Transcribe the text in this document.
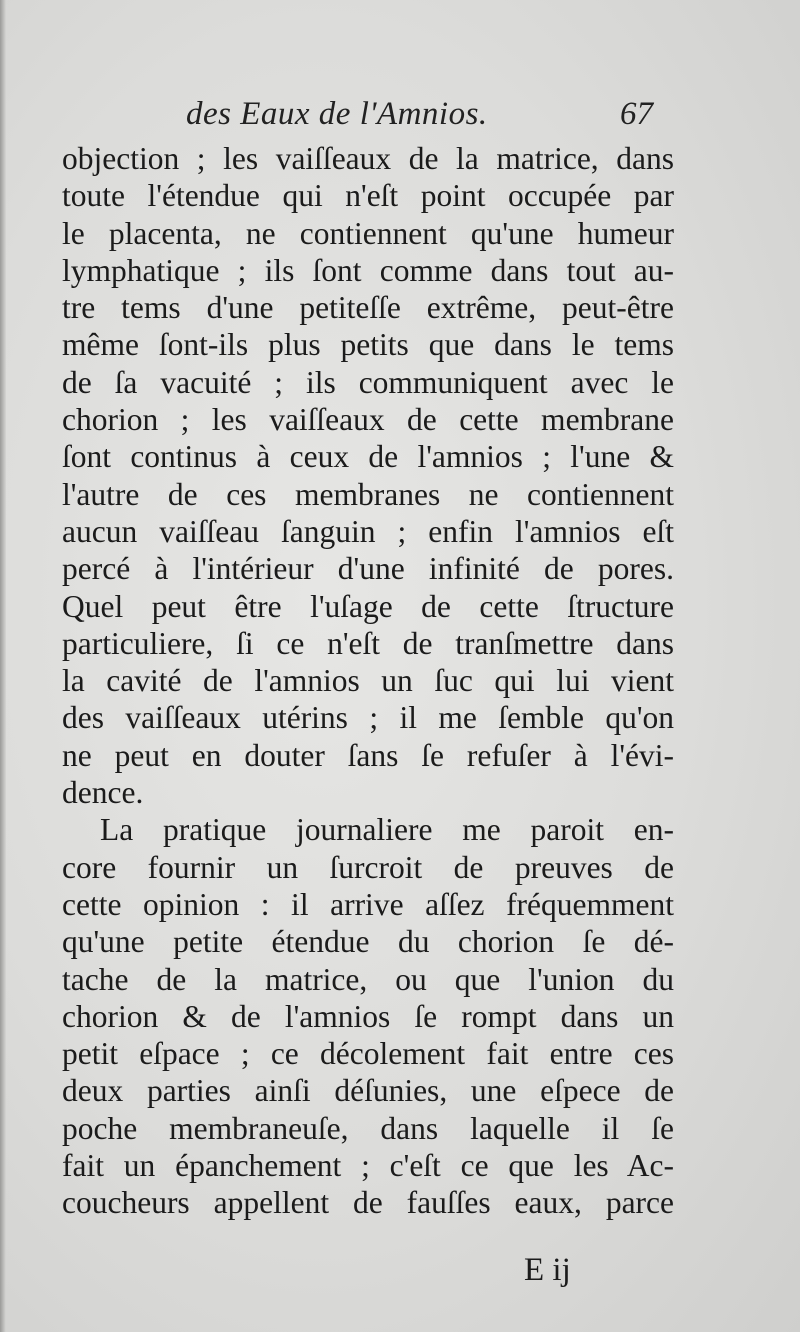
des Eaux de l'Amnios.	67
objection ; les vaiſſeaux de la matrice, dans
toute l'étendue qui n'eſt point occupée par
le placenta, ne contiennent qu'une humeur
lymphatique ; ils ſont comme dans tout au-
tre tems d'une petiteſſe extrême, peut-être
même ſont-ils plus petits que dans le tems
de ſa vacuité ; ils communiquent avec le
chorion ; les vaiſſeaux de cette membrane
ſont continus à ceux de l'amnios ; l'une &
l'autre de ces membranes ne contiennent
aucun vaiſſeau ſanguin ; enfin l'amnios eſt
percé à l'intérieur d'une infinité de pores.
Quel peut être l'uſage de cette ſtructure
particuliere, ſi ce n'eſt de tranſmettre dans
la cavité de l'amnios un ſuc qui lui vient
des vaiſſeaux utérins ; il me ſemble qu'on
ne peut en douter ſans ſe refuſer à l'évi-
dence.
La pratique journaliere me paroit en-
core fournir un ſurcroit de preuves de
cette opinion : il arrive aſſez fréquemment
qu'une petite étendue du chorion ſe dé-
tache de la matrice, ou que l'union du
chorion & de l'amnios ſe rompt dans un
petit eſpace ; ce décolement fait entre ces
deux parties ainſi déſunies, une eſpece de
poche membraneuſe, dans laquelle il ſe
fait un épanchement ; c'eſt ce que les Ac-
coucheurs appellent de fauſſes eaux, parce
E ij
